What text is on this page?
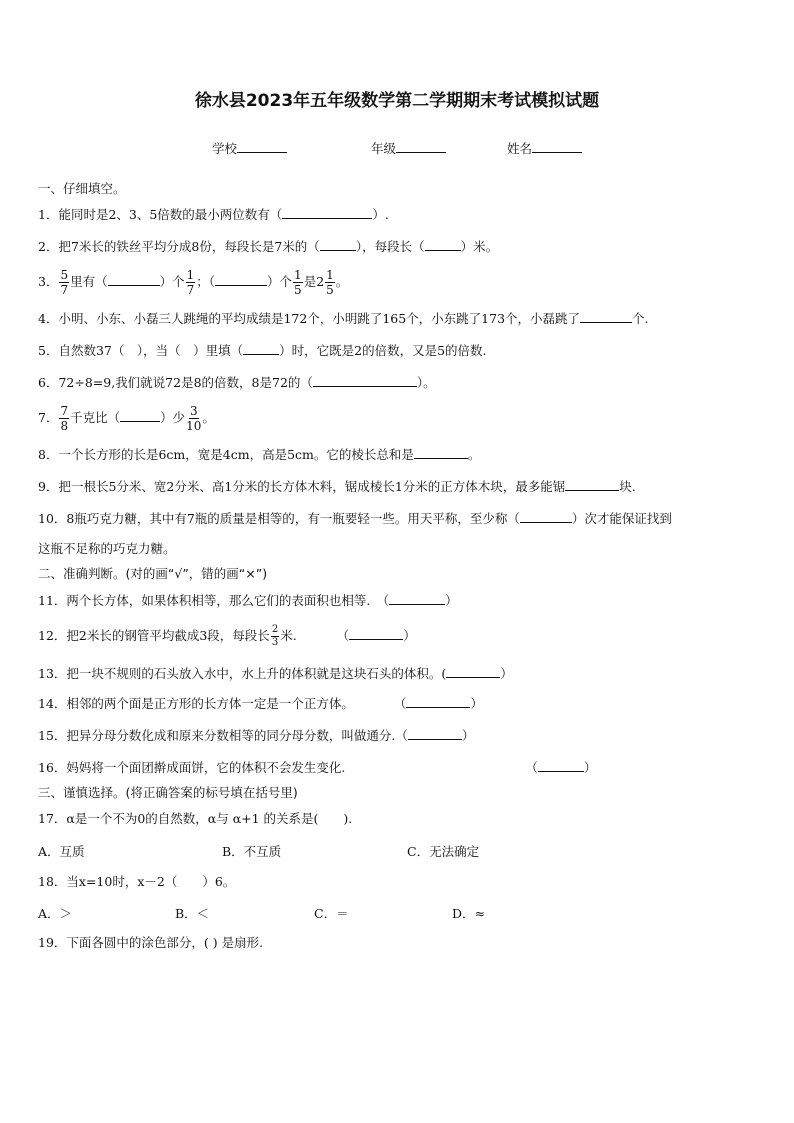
徐水县2023年五年级数学第二学期期末考试模拟试题
学校	年级	姓名
一、仔细填空。
1．能同时是2、3、5倍数的最小两位数有（	）.
2．把7米长的铁丝平均分成8份，每段长是7米的（	），每段长（	）米。
3． $\frac{5}{7}$ 里有（	）个 $\frac{1}{7}$ ；（	）个 $\frac{1}{5}$ 是$2 \frac{1}{5}$ 。
4．小明、小东、小磊三人跳绳的平均成绩是172个，小明跳了165个，小东跳了173个，小磊跳了	个.
5．自然数37（　），当（　）里填（	）时，它既是2的倍数，又是5的倍数.
6．72÷8=9,我们就说72是8的倍数，8是72的（	）。
7． $\frac{7}{8}$ 千克比（	）少 $\frac{3}{10}$ 。
8．一个长方形的长是6cm，宽是4cm，高是5cm。它的棱长总和是	。
9．把一根长5分米、宽2分米、高1分米的长方体木料，锯成棱长1分米的正方体木块，最多能锯	块.
10．8瓶巧克力糖，其中有7瓶的质量是相等的，有一瓶要轻一些。用天平称，至少称（	）次才能保证找到
这瓶不足称的巧克力糖。
二、准确判断。(对的画“√”，错的画“×”)
11．两个长方体，如果体积相等，那么它们的表面积也相等.　（	）
12．把2米长的钢管平均截成3段，每段长 $\frac{2}{3}$ 米.	（	）
13．把一块不规则的石头放入水中，水上升的体积就是这块石头的体积。(	）
14．相邻的两个面是正方形的长方体一定是一个正方体。	（	）
15．把异分母分数化成和原来分数相等的同分母分数，叫做通分.（	）
16．妈妈将一个面团擀成面饼，它的体积不会发生变化.	（	）
三、谨慎选择。(将正确答案的标号填在括号里)
17．α是一个不为0的自然数，α与 α+1 的关系是(　　).
A．互质	B．不互质	C．无法确定
18．当x=10时，x－2（　　）6。
A．＞	B．＜	C．＝	D．≈
19．下面各圆中的涂色部分，( ) 是扇形.
